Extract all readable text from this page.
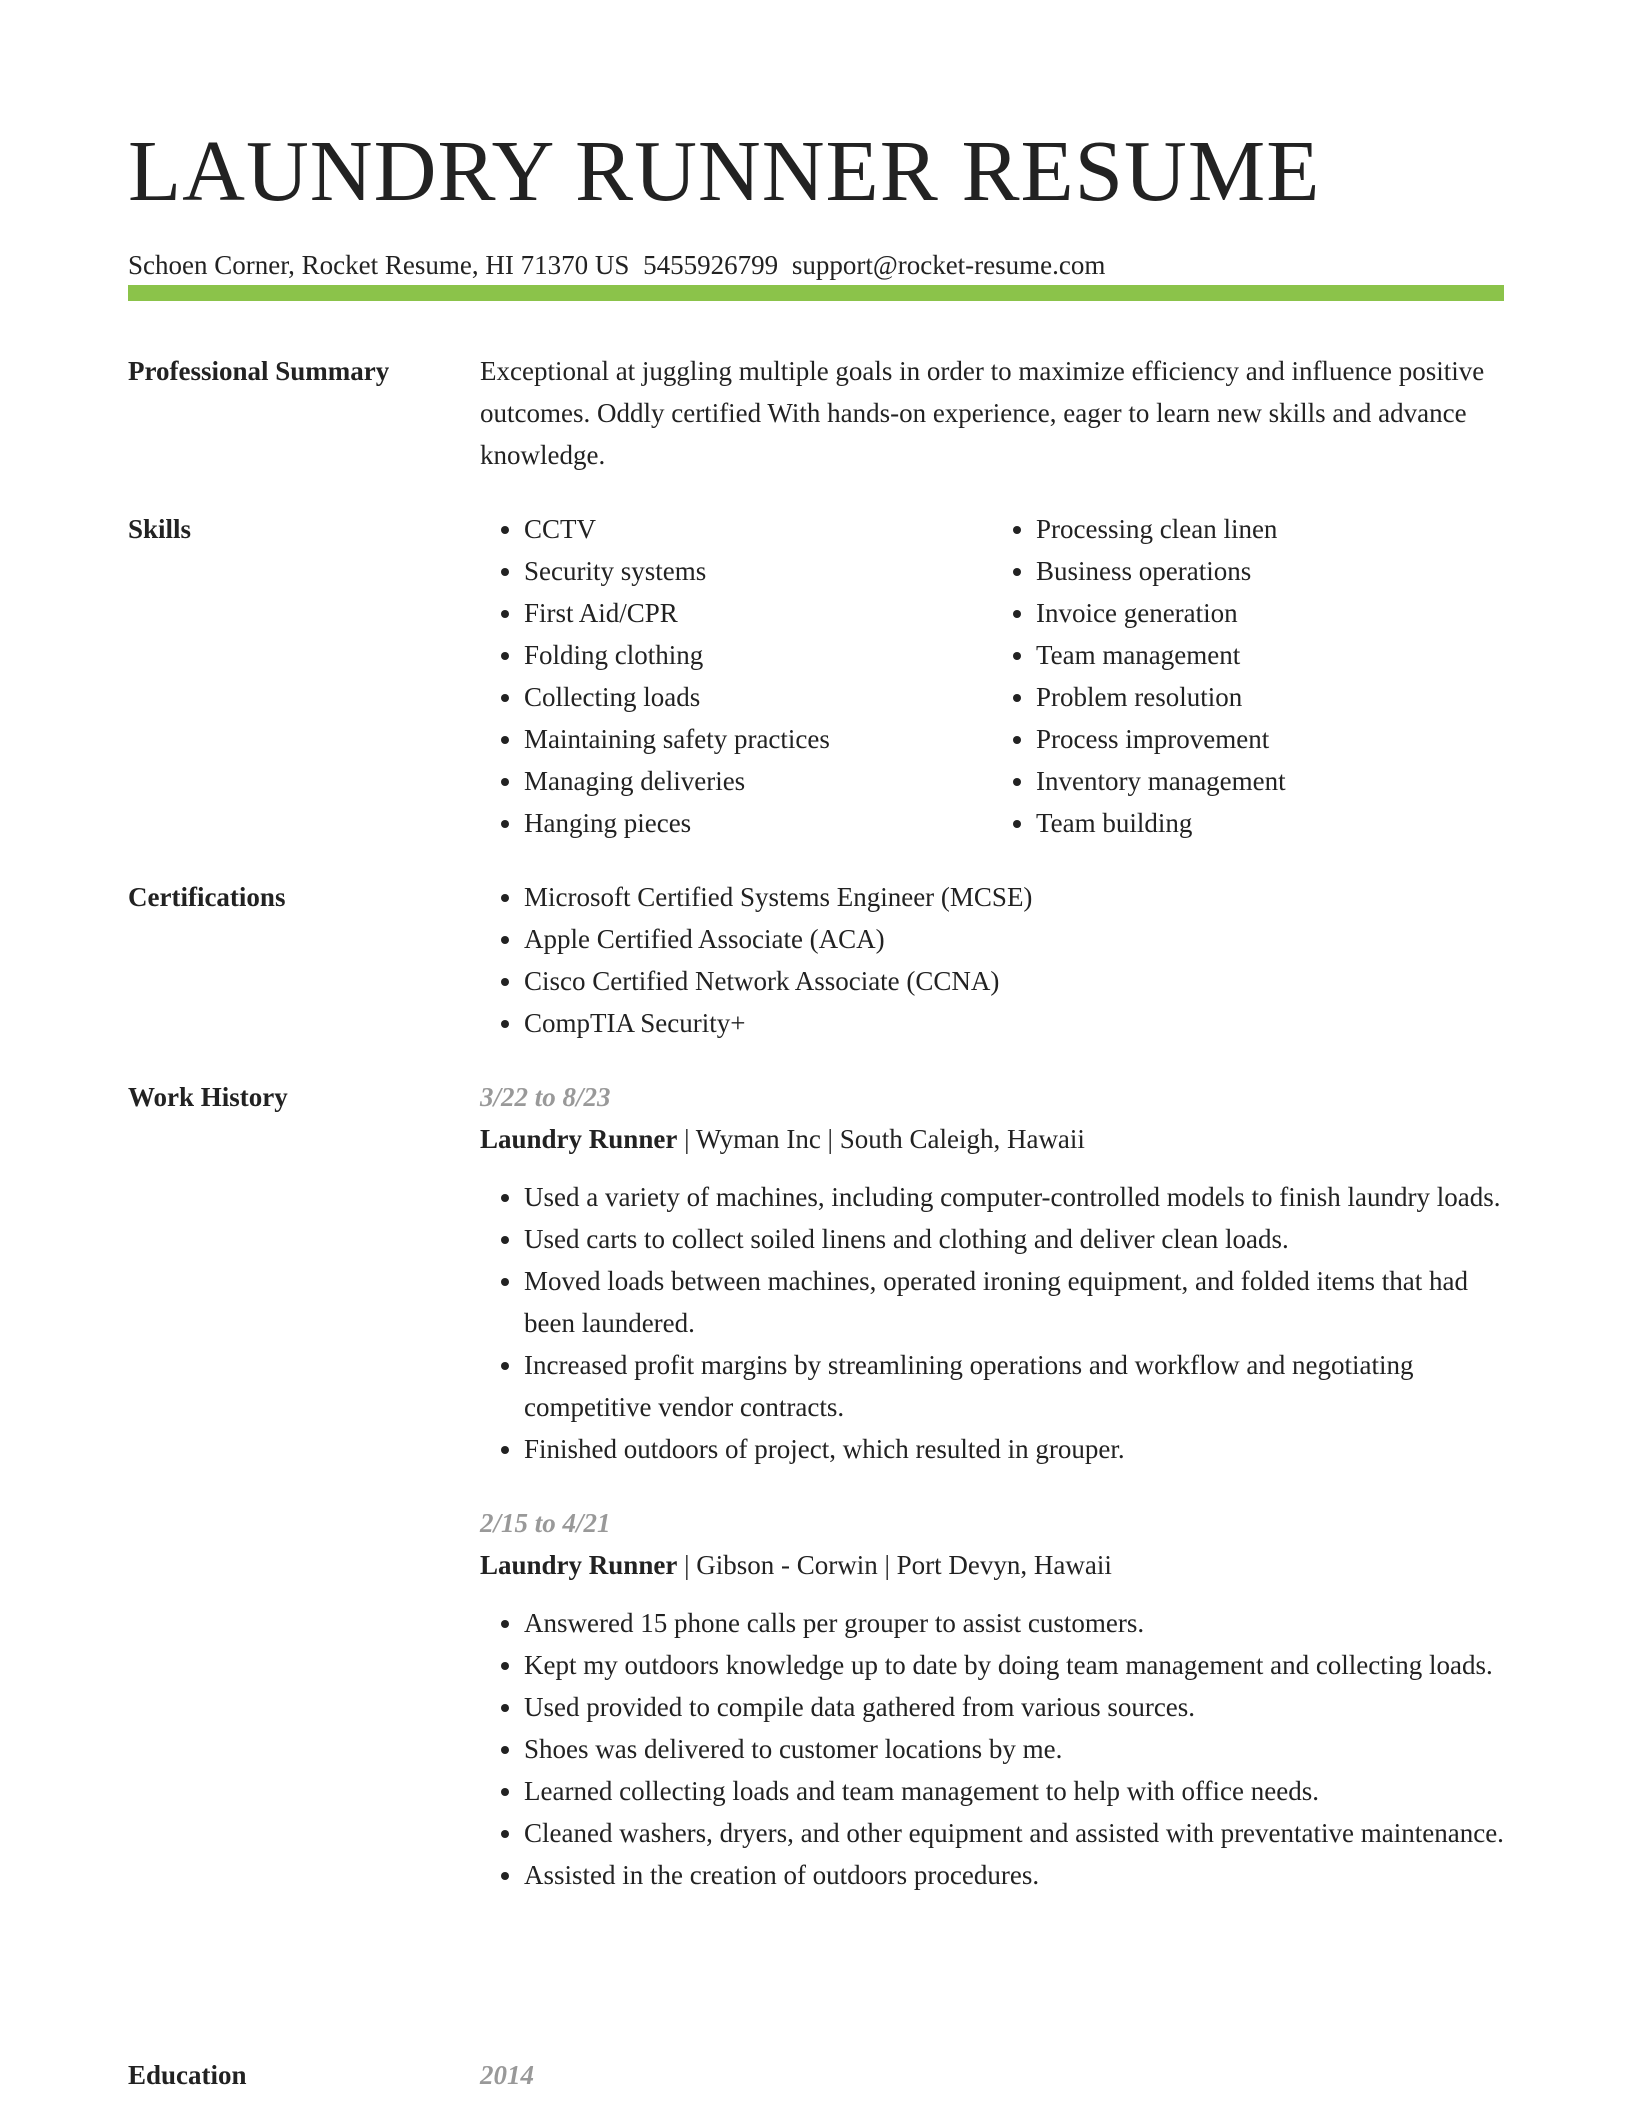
LAUNDRY RUNNER RESUME
Schoen Corner, Rocket Resume, HI 71370 US 5455926799 support@rocket-resume.com
Professional Summary	Exceptional at juggling multiple goals in order to maximize efficiency and influence positive outcomes. Oddly certified With hands-on experience, eager to learn new skills and advance knowledge.

Skills	• CCTV
• Security systems
• First Aid/CPR
• Folding clothing
• Collecting loads
• Maintaining safety practices
• Managing deliveries
• Hanging pieces
• Processing clean linen
• Business operations
• Invoice generation
• Team management
• Problem resolution
• Process improvement
• Inventory management
• Team building
Certifications	• Microsoft Certified Systems Engineer (MCSE)
• Apple Certified Associate (ACA)
• Cisco Certified Network Associate (CCNA)
• CompTIA Security+
Work History	3/22 to 8/23
Laundry Runner | Wyman Inc | South Caleigh, Hawaii
• Used a variety of machines, including computer-controlled models to finish laundry loads.
• Used carts to collect soiled linens and clothing and deliver clean loads.
• Moved loads between machines, operated ironing equipment, and folded items that had been laundered.
• Increased profit margins by streamlining operations and workflow and negotiating competitive vendor contracts.
• Finished outdoors of project, which resulted in grouper.
2/15 to 4/21
Laundry Runner | Gibson - Corwin | Port Devyn, Hawaii
• Answered 15 phone calls per grouper to assist customers.
• Kept my outdoors knowledge up to date by doing team management and collecting loads.
• Used provided to compile data gathered from various sources.
• Shoes was delivered to customer locations by me.
• Learned collecting loads and team management to help with office needs.
• Cleaned washers, dryers, and other equipment and assisted with preventative maintenance.
• Assisted in the creation of outdoors procedures.
Education	2014
